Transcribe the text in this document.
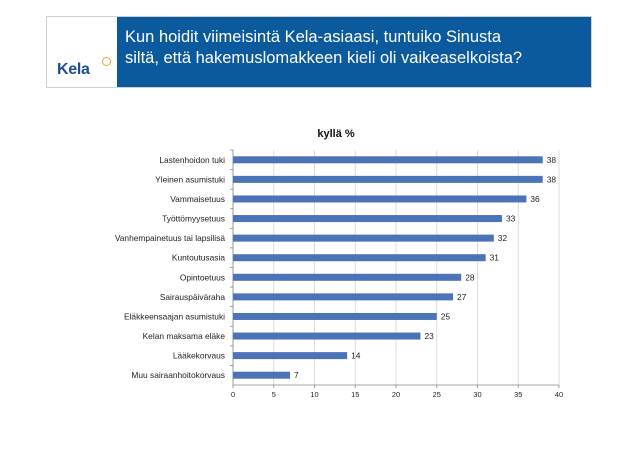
Kela
Kun hoidit viimeisintä Kela-asiaasi, tuntuiko Sinusta
siltä, että hakemuslomakkeen kieli oli vaikeaselkoista?
kyllä %
0	5	10	15	20	25	30	35	40
Lastenhoidon tuki	38
Yleinen asumistuki	38
Vammaisetuus	36
Työttömyysetuus	33
Vanhempainetuus tai lapsilisä	32
Kuntoutusasia	31
Opintoetuus	28
Sairauspäiväraha	27
Eläkkeensaajan asumistuki	25
Kelan maksama eläke	23
Lääkekorvaus	14
Muu sairaanhoitokorvaus	7
